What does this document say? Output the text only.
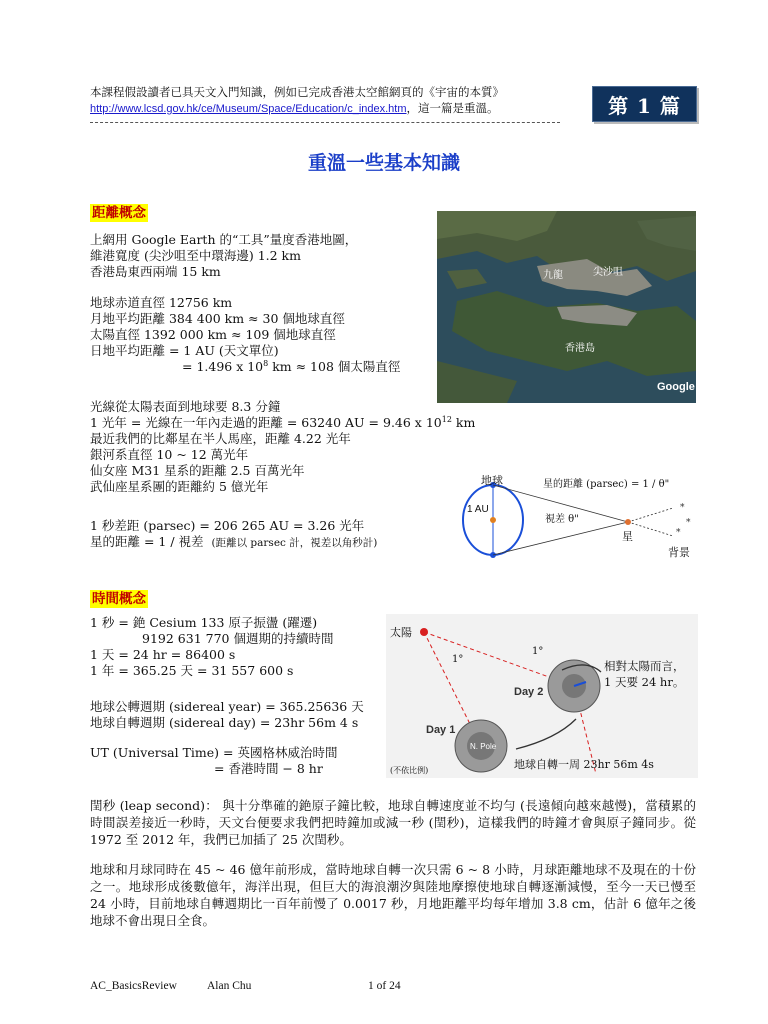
本課程假設讀者已具天文入門知識，例如已完成香港太空館網頁的《宇宙的本質》
http://www.lcsd.gov.hk/ce/Museum/Space/Education/c_index.htm，這一篇是重溫。	第 1 篇
重溫一些基本知識
距離概念
上網用 Google Earth 的“工具”量度香港地圖，
維港寬度 (尖沙咀至中環海邊) 1.2 km
香港島東西兩端 15 km
地球赤道直徑 12756 km
月地平均距離 384 400 km ≈ 30 個地球直徑
太陽直徑 1392 000 km ≈ 109 個地球直徑
日地平均距離 = 1 AU (天文單位)
= 1.496 x $10^8$ km ≈ 108 個太陽直徑
光線從太陽表面到地球要 8.3 分鐘
1 光年 = 光線在一年內走過的距離 = 63240 AU = 9.46 x $10^{12}$ km
最近我們的比鄰星在半人馬座，距離 4.22 光年
銀河系直徑 10 ~ 12 萬光年
仙女座 M31 星系的距離 2.5 百萬光年
武仙座星系團的距離約 5 億光年
1 秒差距 (parsec) = 206 265 AU = 3.26 光年
星的距離 = 1 / 視差 (距離以 parsec 計，視差以角秒計)
九龍	尖沙咀
香港島
Google
*
*
*
地球
1 AU
星的距離 (parsec) = 1 / θ"
視差 θ"
星
背景
時間概念
1 秒 = 銫 Cesium 133 原子振盪 (躍遷)
9192 631 770 個週期的持續時間
1 天 = 24 hr = 86400 s
1 年 = 365.25 天 = 31 557 600 s
地球公轉週期 (sidereal year) = 365.25636 天
地球自轉週期 (sidereal day) = 23hr 56m 4 s
UT (Universal Time) = 英國格林威治時間
= 香港時間 − 8 hr
太陽
1°
1°
Day 1
Day 2
N. Pole
相對太陽而言，
1 天要 24 hr。
(不依比例)	地球自轉一周 23hr 56m 4s
閏秒 (leap second)： 與十分準確的銫原子鐘比較，地球自轉速度並不均勻 (長遠傾向越來越慢)，當積累的時間誤差接近一秒時，天文台便要求我們把時鐘加或減一秒 (閏秒)，這樣我們的時鐘才會與原子鐘同步。從 1972 至 2012 年，我們已加插了 25 次閏秒。
地球和月球同時在 45 ~ 46 億年前形成，當時地球自轉一次只需 6 ~ 8 小時，月球距離地球不及現在的十份之一。地球形成後數億年，海洋出現，但巨大的海浪潮汐與陸地摩擦使地球自轉逐漸減慢，至今一天已慢至 24 小時，目前地球自轉週期比一百年前慢了 0.0017 秒，月地距離平均每年增加 3.8 cm，估計 6 億年之後地球不會出現日全食。
AC_BasicsReview	Alan Chu	1 of 24
